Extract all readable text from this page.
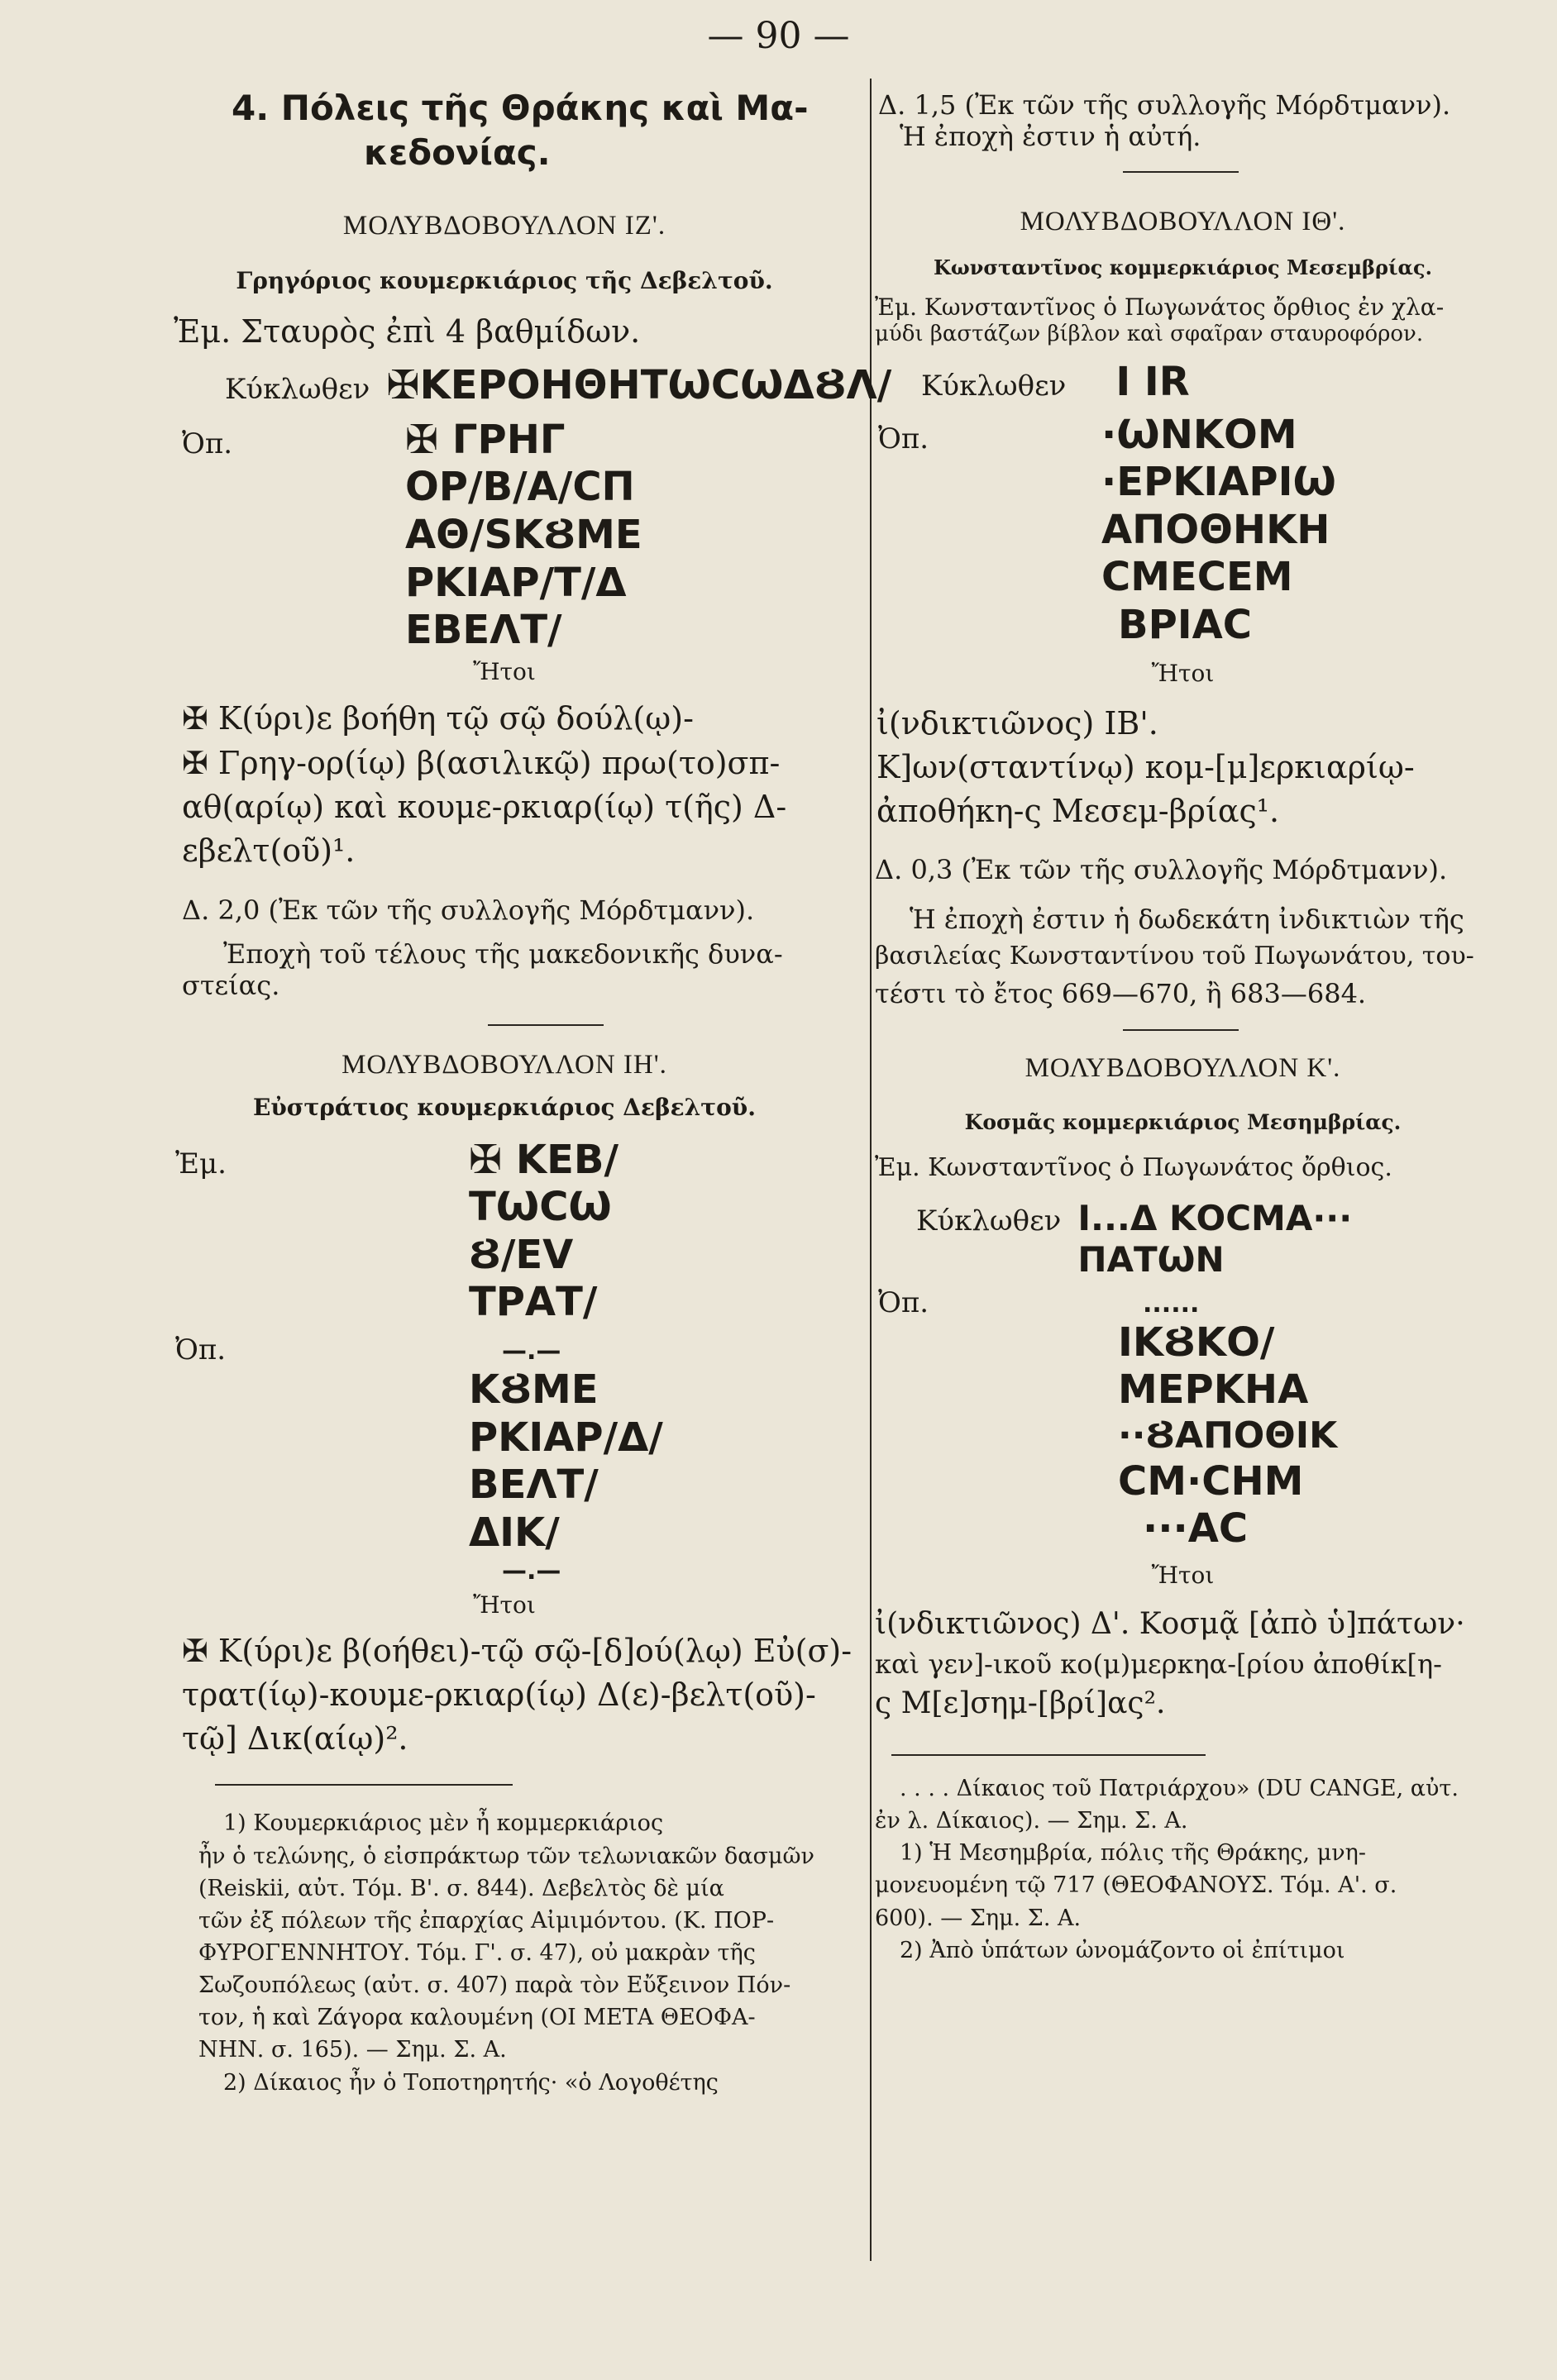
— 90 —

4. Πόλεις τῆς Θράκης καὶ Μα-

κεδονίας.

ΜΟΛΥΒΔΟΒΟΥΛΛΟΝ ΙΖ'.

Γρηγόριος κουμερκιάριος τῆς Δεβελτοῦ.

Ἐμ. Σταυρὸς ἐπὶ 4 βαθμίδων.

Κύκλωθεν ✠ΚΕΡΟΗΘΗΤѠCѠΔȢΛ/
Ὀπ.	✠ ΓΡΗΓ

ΟΡ/Β/Α/CΠ

ΑΘ/SKȢΜΕ

ΡΚΙΑΡ/Τ/Δ

ΕΒΕΛΤ/

Ἤτοι

✠ Κ(ύρι)ε βοήθη τῷ σῷ δούλ(ῳ)-

✠ Γρηγ-ορ(ίῳ) β(ασιλικῷ) πρω(το)σπ-

αθ(αρίῳ) καὶ κουμε-ρκιαρ(ίῳ) τ(ῆς) Δ-

εβελτ(οῦ)¹.

Δ. 2,0 (Ἐκ τῶν τῆς συλλογῆς Μόρδτμανν).

Ἐποχὴ τοῦ τέλους τῆς μακεδονικῆς δυνα-

στείας.

ΜΟΛΥΒΔΟΒΟΥΛΛΟΝ ΙΗ'.

Εὐστράτιος κουμερκιάριος Δεβελτοῦ.

Ἐμ.	✠ ΚΕΒ/

ΤѠCѠ

Ȣ/ΕV

ΤΡΑΤ/

Ὀπ.	—.—

ΚȢΜΕ

ΡΚΙΑΡ/Δ/

ΒΕΛΤ/

ΔΙΚ/

—.—

Ἤτοι

✠ Κ(ύρι)ε β(οήθει)-τῷ σῷ-[δ]ού(λῳ) Εὐ(σ)-

τρατ(ίῳ)-κουμε-ρκιαρ(ίῳ) Δ(ε)-βελτ(οῦ)-

τῷ] Δικ(αίῳ)².

1) Κουμερκιάριος μὲν ἦ κομμερκιάριος

ἦν ὁ τελώνης, ὁ εἰσπράκτωρ τῶν τελωνιακῶν δασμῶν

(Reiskii, αὐτ. Τόμ. Β'. σ. 844). Δεβελτὸς δὲ μία

τῶν ἐξ πόλεων τῆς ἐπαρχίας Αἰμιμόντου. (Κ. ΠΟΡ-

ΦΥΡΟΓΕΝΝΗΤΟΥ. Τόμ. Γ'. σ. 47), οὐ μακρὰν τῆς

Σωζουπόλεως (αὐτ. σ. 407) παρὰ τὸν Εὔξεινον Πόν-

τον, ἡ καὶ Ζάγορα καλουμένη (ΟΙ ΜΕΤΑ ΘΕΟΦΑ-

ΝΗΝ. σ. 165). — Σημ. Σ. Α.

2) Δίκαιος ἦν ὁ Τοποτηρητής· «ὁ Λογοθέτης

Δ. 1,5 (Ἐκ τῶν τῆς συλλογῆς Μόρδτμανν).

Ἡ ἐποχὴ ἐστιν ἡ αὐτή.

ΜΟΛΥΒΔΟΒΟΥΛΛΟΝ ΙΘ'.

Κωνσταντῖνος κομμερκιάριος Μεσεμβρίας.

Ἐμ. Κωνσταντῖνος ὁ Πωγωνάτος ὄρθιος ἐν χλα-

μύδι βαστάζων βίβλον καὶ σφαῖραν σταυροφόρον.

Κύκλωθεν I IR
Ὀπ.	·ѠΝΚΟΜ

·ΕΡΚΙΑΡΙѠ

ΑΠΟΘΗΚΗ

CΜΕCΕΜ

ΒΡΙΑC

Ἤτοι

ἰ(νδικτιῶνος) ΙΒ'.

Κ]ων(σταντίνῳ) κομ-[μ]ερκιαρίῳ-

ἀποθήκη-ς Μεσεμ-βρίας¹.

Δ. 0,3 (Ἐκ τῶν τῆς συλλογῆς Μόρδτμανν).

Ἡ ἐποχὴ ἐστιν ἡ δωδεκάτη ἰνδικτιὼν τῆς

βασιλείας Κωνσταντίνου τοῦ Πωγωνάτου, του-

τέστι τὸ ἔτος 669—670, ἢ 683—684.

ΜΟΛΥΒΔΟΒΟΥΛΛΟΝ Κ'.

Κοσμᾶς κομμερκιάριος Μεσημβρίας.

Ἐμ. Κωνσταντῖνος ὁ Πωγωνάτος ὄρθιος.

Κύκλωθεν I...Δ ΚΟCΜΑ··· ΠΑΤѠΝ
Ὀπ.	......

ΙΚȢΚΟ/

ΜΕΡΚΗΑ

··ȢΑΠΟΘΙΚ

CΜ·CΗΜ

···ΑC

Ἤτοι

ἰ(νδικτιῶνος) Δ'. Κοσμᾷ [ἀπὸ ὑ]πάτων·

καὶ γεν]-ικοῦ κο(μ)μερκηα-[ρίου ἀποθίκ[η-

ς Μ[ε]σημ-[βρί]ας².

. . . . Δίκαιος τοῦ Πατριάρχου» (DU CANGE, αὐτ.

ἐν λ. Δίκαιος). — Σημ. Σ. Α.

1) Ἡ Μεσημβρία, πόλις τῆς Θράκης, μνη-

μονευομένη τῷ 717 (ΘΕΟΦΑΝΟΥΣ. Τόμ. Α'. σ.

600). — Σημ. Σ. Α.

2) Ἀπὸ ὑπάτων ὠνομάζοντο οἱ ἐπίτιμοι
